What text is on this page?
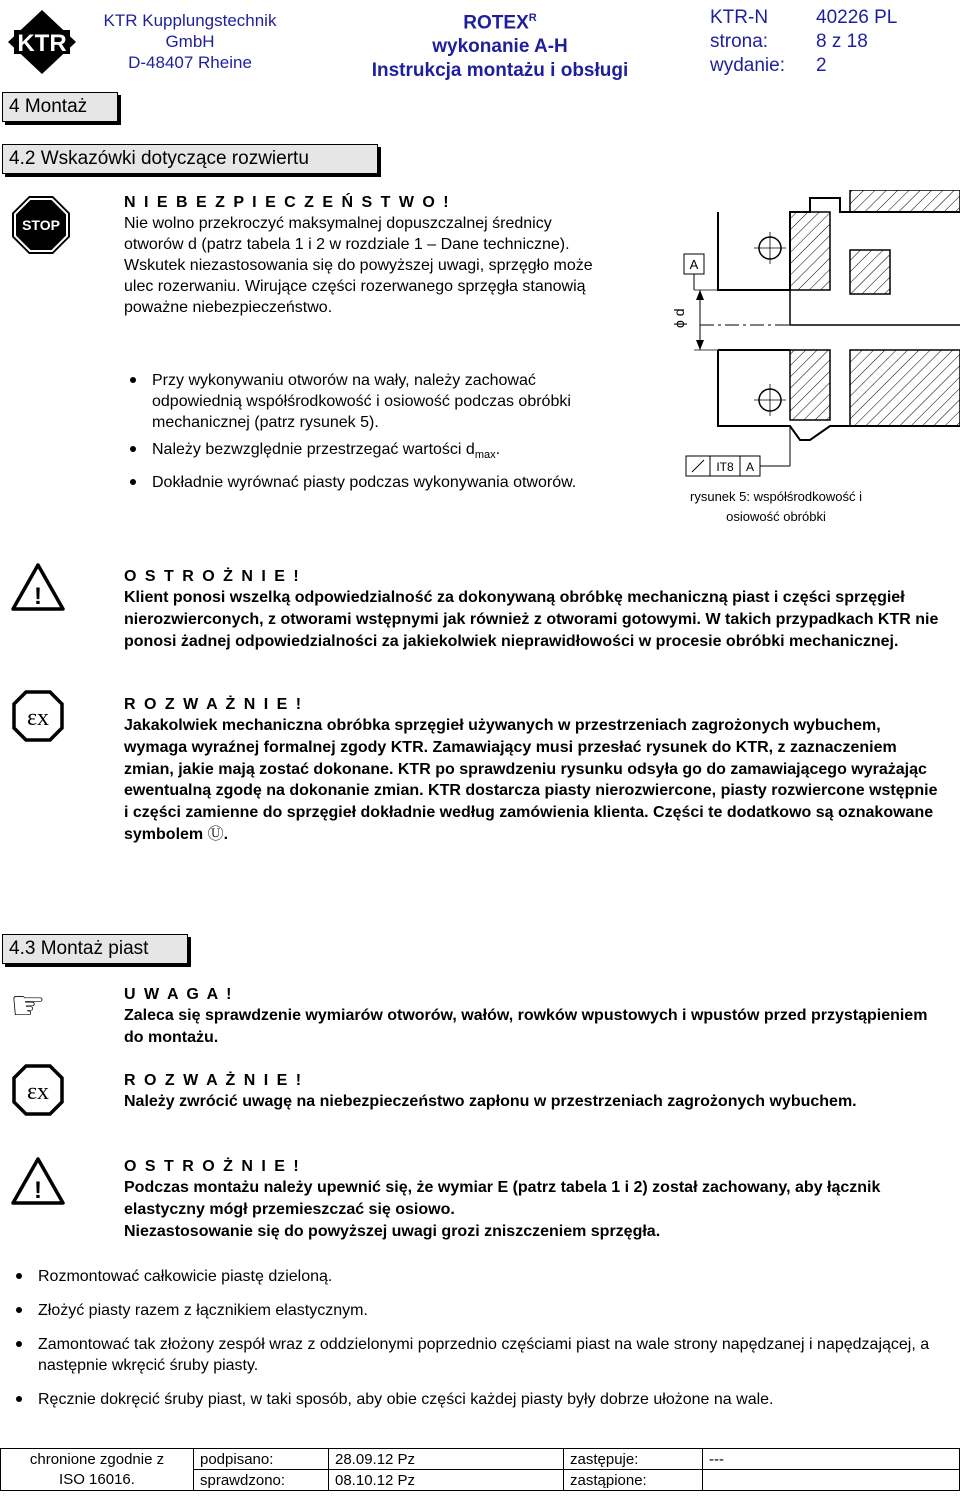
KTR
KTR Kupplungstechnik
GmbH
D-48407 Rheine
$ROTEX^R$
wykonanie A-H
Instrukcja montażu i obsługi
KTR-N	40226 PL
strona:	8 z 18
wydanie: 2
4 Montaż
4.2 Wskazówki dotyczące rozwiertu
STOP
N I E B E Z P I E C Z E Ń S T W O !
Nie wolno przekroczyć maksymalnej dopuszczalnej średnicy otworów d (patrz tabela 1 i 2 w rozdziale 1 – Dane techniczne). Wskutek niezastosowania się do powyższej uwagi, sprzęgło może ulec rozerwaniu. Wirujące części rozerwanego sprzęgła stanowią poważne niebezpieczeństwo.
Przy wykonywaniu otworów na wały, należy zachować odpowiednią współśrodkowość i osiowość podczas obróbki mechanicznej (patrz rysunek 5).
Należy bezwzględnie przestrzegać wartości $d_{max}$.
Dokładnie wyrównać piasty podczas wykonywania otworów.
ϕ d
A
IT8 A
rysunek 5: współśrodkowość i osiowość obróbki
!
O S T R O Ż N I E !
Klient ponosi wszelką odpowiedzialność za dokonywaną obróbkę mechaniczną piast i części sprzęgieł nierozwierconych, z otworami wstępnymi jak również z otworami gotowymi. W takich przypadkach KTR nie ponosi żadnej odpowiedzialności za jakiekolwiek nieprawidłowości w procesie obróbki mechanicznej.
εx
R O Z W A Ż N I E !
Jakakolwiek mechaniczna obróbka sprzęgieł używanych w przestrzeniach zagrożonych wybuchem, wymaga wyraźnej formalnej zgody KTR. Zamawiający musi przesłać rysunek do KTR, z zaznaczeniem zmian, jakie mają zostać dokonane. KTR po sprawdzeniu rysunku odsyła go do zamawiającego wyrażając ewentualną zgodę na dokonanie zmian. KTR dostarcza piasty nierozwiercone, piasty rozwiercone wstępnie i części zamienne do sprzęgieł dokładnie według zamówienia klienta. Części te dodatkowo są oznakowane symbolem Ⓤ.
4.3 Montaż piast
☞	U W A G A !
Zaleca się sprawdzenie wymiarów otworów, wałów, rowków wpustowych i wpustów przed przystąpieniem do montażu.
εx	R O Z W A Ż N I E !
Należy zwrócić uwagę na niebezpieczeństwo zapłonu w przestrzeniach zagrożonych wybuchem.
!
O S T R O Ż N I E !
Podczas montażu należy upewnić się, że wymiar E (patrz tabela 1 i 2) został zachowany, aby łącznik elastyczny mógł przemieszczać się osiowo.
Niezastosowanie się do powyższej uwagi grozi zniszczeniem sprzęgła.
Rozmontować całkowicie piastę dzieloną.
Złożyć piasty razem z łącznikiem elastycznym.
Zamontować tak złożony zespół wraz z oddzielonymi poprzednio częściami piast na wale strony napędzanej i napędzającej, a następnie wkręcić śruby piasty.
Ręcznie dokręcić śruby piast, w taki sposób, aby obie części każdej piasty były dobrze ułożone na wale.
chronione zgodnie z
ISO 16016.	podpisano:	28.09.12 Pz	zastępuje:	---
	sprawdzono:	08.10.12 Pz	zastąpione:	
